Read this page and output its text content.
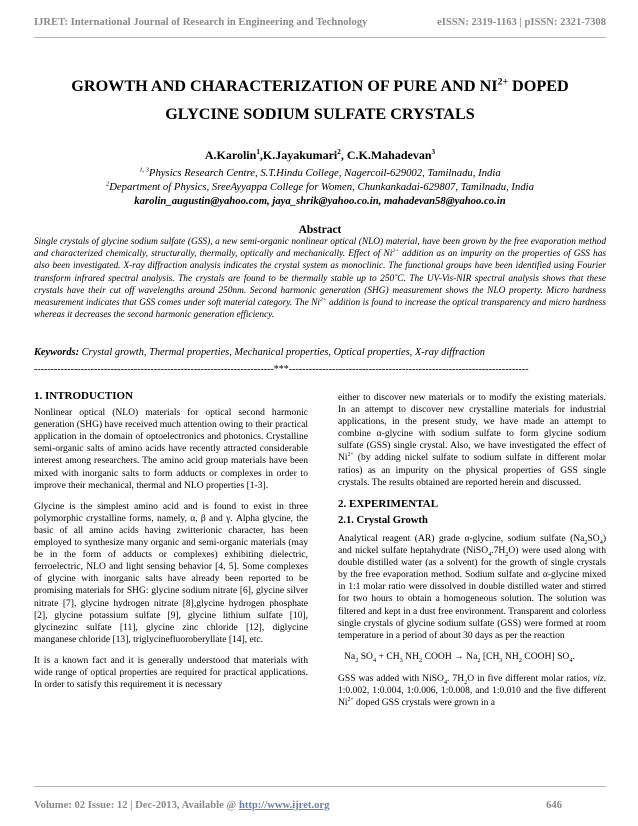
IJRET: International Journal of Research in Engineering and Technology	eISSN: 2319-1163 | pISSN: 2321-7308
GROWTH AND CHARACTERIZATION OF PURE AND $NI^{2+}$ DOPED
GLYCINE SODIUM SULFATE CRYSTALS
A.Karolin$^1$,K.Jayakumari$^2$, C.K.Mahadevan$^3$
$^{1, 3}$Physics Research Centre, S.T.Hindu College, Nagercoil-629002, Tamilnadu, India
$^2$Department of Physics, SreeAyyappa College for Women, Chunkankadai-629807, Tamilnadu, India
karolin_augustin@yahoo.com, jaya_shrik@yahoo.co.in, mahadevan58@yahoo.co.in
Abstract
Single crystals of glycine sodium sulfate (GSS), a new semi-organic nonlinear optical (NLO) material, have been grown by the free evaporation method and characterized chemically, structurally, thermally, optically and mechanically. Effect of $Ni^{2+}$ addition as an impurity on the properties of GSS has also been investigated. X-ray diffraction analysis indicates the crystal system as monoclinic. The functional groups have been identified using Fourier transform infrared spectral analysis. The crystals are found to be thermally stable up to 250˚C. The UV-Vis-NIR spectral analysis shows that these crystals have their cut off wavelengths around 250nm. Second harmonic generation (SHG) measurement shows the NLO property. Micro hardness measurement indicates that GSS comes under soft material category. The $Ni^{2+}$ addition is found to increase the optical transparency and micro hardness whereas it decreases the second harmonic generation efficiency.
Keywords: Crystal growth, Thermal properties, Mechanical properties, Optical properties, X-ray diffraction
------------------------------------------------------------------------***------------------------------------------------------------------------
1. INTRODUCTION

Nonlinear optical (NLO) materials for optical second harmonic generation (SHG) have received much attention owing to their practical application in the domain of optoelectronics and photonics. Crystalline semi-organic salts of amino acids have recently attracted considerable interest among researchers. The amino acid group materials have been mixed with inorganic salts to form adducts or complexes in order to improve their mechanical, thermal and NLO properties [1-3].

Glycine is the simplest amino acid and is found to exist in three polymorphic crystalline forms, namely, α, β and γ. Alpha glycine, the basic of all amino acids having zwitterionic character, has been employed to synthesize many organic and semi-organic materials (may be in the form of adducts or complexes) exhibiting dielectric, ferroelectric, NLO and light sensing behavior [4, 5]. Some complexes of glycine with inorganic salts have already been reported to be promising materials for SHG: glycine sodium nitrate [6], glycine silver nitrate [7], glycine hydrogen nitrate [8],glycine hydrogen phosphate [2], glycine potassium sulfate [9], glycine lithium sulfate [10], glycinezinc sulfate [11], glycine zinc chloride [12], diglycine manganese chloride [13], triglycinefluoroberyllate [14], etc.

It is a known fact and it is generally understood that materials with wide range of optical properties are required for practical applications. In order to satisfy this requirement it is necessary

either to discover new materials or to modify the existing materials. In an attempt to discover new crystalline materials for industrial applications, in the present study, we have made an attempt to combine α-glycine with sodium sulfate to form glycine sodium sulfate (GSS) single crystal. Also, we have investigated the effect of $Ni^{2+}$ (by adding nickel sulfate to sodium sulfate in different molar ratios) as an impurity on the physical properties of GSS single crystals. The results obtained are reported herein and discussed.

2. EXPERIMENTAL
2.1. Crystal Growth

Analytical reagent (AR) grade α-glycine, sodium sulfate $(Na_2SO_4)$ and nickel sulfate heptahydrate $(NiSO_4.7H_2O)$ were used along with double distilled water (as a solvent) for the growth of single crystals by the free evaporation method. Sodium sulfate and α-glycine mixed in 1:1 molar ratio were dissolved in double distilled water and stirred for two hours to obtain a homogeneous solution. The solution was filtered and kept in a dust free environment. Transparent and colorless single crystals of glycine sodium sulfate (GSS) were formed at room temperature in a period of about 30 days as per the reaction

$Na_2$ $SO_4 + CH_3$ $NH_2$ COOH → $Na_2$ [$CH_3$ $NH_2$ COOH] $SO_4$.

GSS was added with NiSO$_4$. $7H_2O$ in five different molar ratios, viz. 1:0.002, 1:0.004, 1:0.006, 1:0.008, and 1:0.010 and the five different $Ni^{2+}$ doped GSS crystals were grown in a

Volume: 02 Issue: 12 | Dec-2013, Available @ http://www.ijret.org	646
